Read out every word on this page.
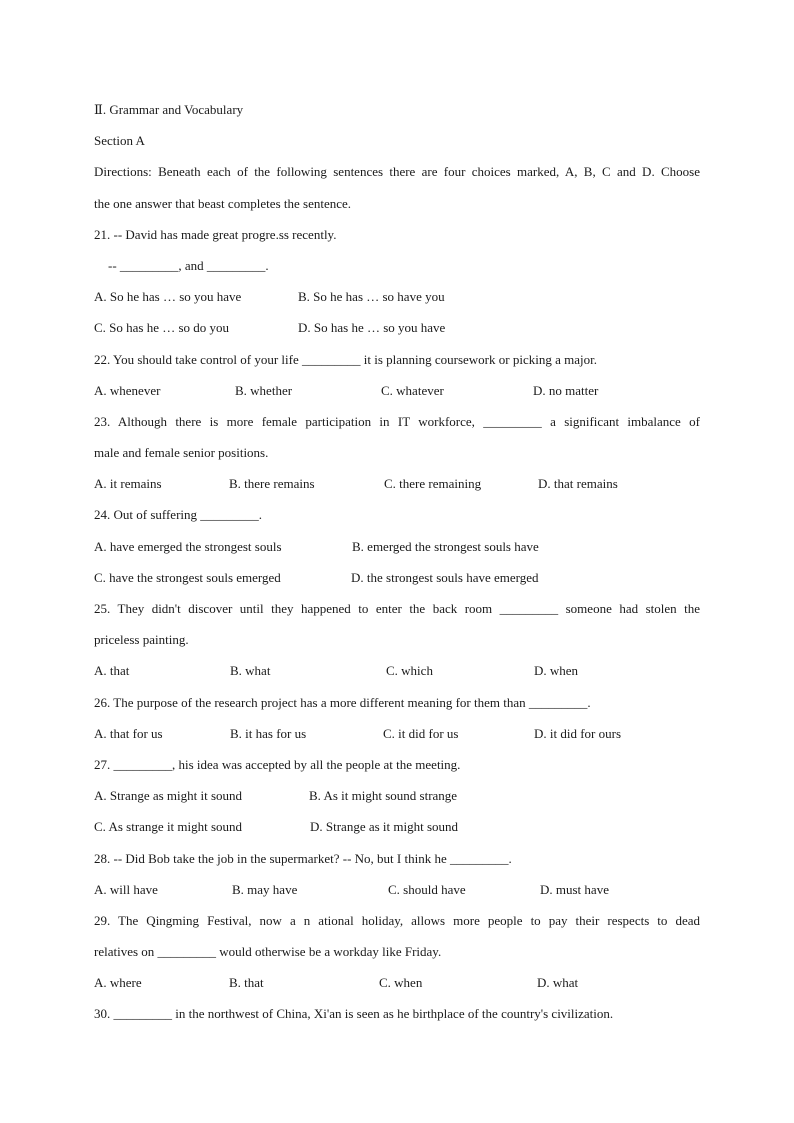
Ⅱ. Grammar and Vocabulary
Section A
Directions: Beneath each of the following sentences there are four choices marked, A, B, C and D. Choose
the one answer that beast completes the sentence.
21. -- David has made great progre.ss recently.
-- _________, and _________.
A. So he has … so you have	B. So he has … so have you
C. So has he … so do you	D. So has he … so you have
22. You should take control of your life _________ it is planning coursework or picking a major.
A. whenever	B. whether	C. whatever	D. no matter
23. Although there is more female participation in IT workforce, _________ a significant imbalance of
male and female senior positions.
A. it remains	B. there remains	C. there remaining	D. that remains
24. Out of suffering _________.
A. have emerged the strongest souls	B. emerged the strongest souls have
C. have the strongest souls emerged	D. the strongest souls have emerged
25. They didn't discover until they happened to enter the back room _________ someone had stolen the
priceless painting.
A. that	B. what	C. which	D. when
26. The purpose of the research project has a more different meaning for them than _________.
A. that for us	B. it has for us	C. it did for us	D. it did for ours
27. _________, his idea was accepted by all the people at the meeting.
A. Strange as might it sound	B. As it might sound strange
C. As strange it might sound	D. Strange as it might sound
28. -- Did Bob take the job in the supermarket? -- No, but I think he _________.
A. will have	B. may have	C. should have	D. must have
29. The Qingming Festival, now a n ational holiday, allows more people to pay their respects to dead
relatives on _________ would otherwise be a workday like Friday.
A. where	B. that	C. when	D. what
30. _________ in the northwest of China, Xi'an is seen as he birthplace of the country's civilization.
